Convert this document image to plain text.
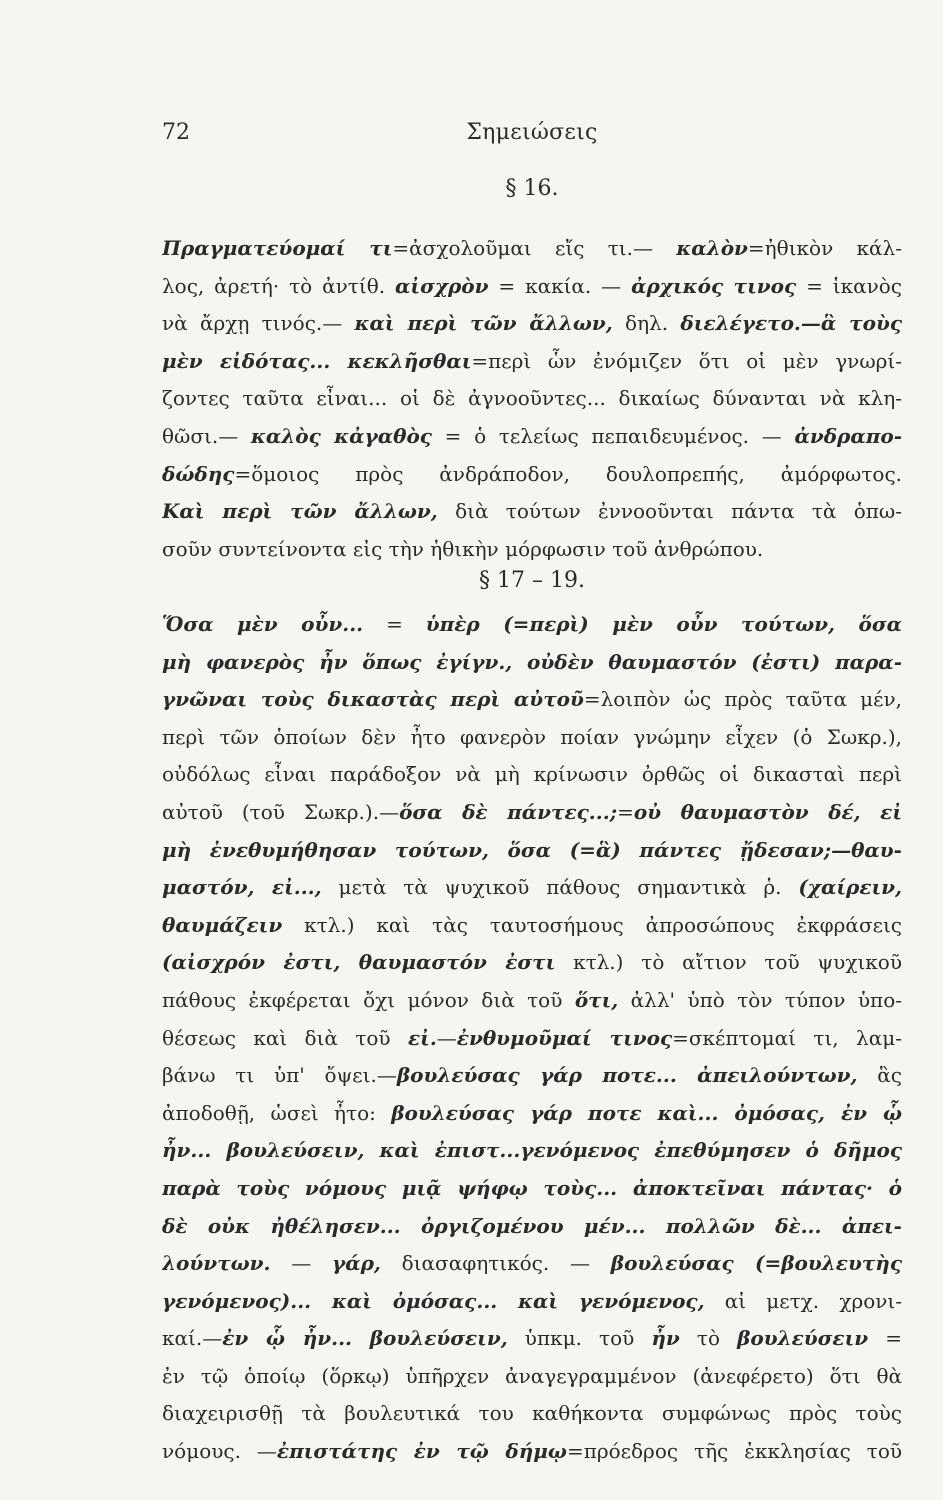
72	Σημειώσεις
§ 16.
Πραγματεύομαί τι=ἀσχολοῦμαι εἴς τι.— καλὸν=ἠθικὸν κάλ-
λος, ἀρετή· τὸ ἀντίθ. αἰσχρὸν = κακία. — ἀρχικός τινος = ἱκανὸς
νὰ ἄρχῃ τινός.— καὶ περὶ τῶν ἄλλων, δηλ. διελέγετο.—ἃ τοὺς
μὲν εἰδότας... κεκλῆσθαι=περὶ ὧν ἐνόμιζεν ὅτι οἱ μὲν γνωρί-
ζοντες ταῦτα εἶναι... οἱ δὲ ἀγνοοῦντες... δικαίως δύνανται νὰ κλη-
θῶσι.— καλὸς κἀγαθὸς = ὁ τελείως πεπαιδευμένος. — ἀνδραπο-
δώδης=ὅμοιος πρὸς ἀνδράποδον, δουλοπρεπής, ἀμόρφωτος.
Καὶ περὶ τῶν ἄλλων, διὰ τούτων ἐννοοῦνται πάντα τὰ ὁπω-
σοῦν συντείνοντα εἰς τὴν ἠθικὴν μόρφωσιν τοῦ ἀνθρώπου.
§ 17 – 19.
Ὅσα μὲν οὖν... = ὑπὲρ (=περὶ) μὲν οὖν τούτων, ὅσα
μὴ φανερὸς ἦν ὅπως ἐγίγν., οὐδὲν θαυμαστόν (ἐστι) παρα-
γνῶναι τοὺς δικαστὰς περὶ αὐτοῦ=λοιπὸν ὡς πρὸς ταῦτα μέν,
περὶ τῶν ὁποίων δὲν ἦτο φανερὸν ποίαν γνώμην εἶχεν (ὁ Σωκρ.),
οὐδόλως εἶναι παράδοξον νὰ μὴ κρίνωσιν ὀρθῶς οἱ δικασταὶ περὶ
αὐτοῦ (τοῦ Σωκρ.).—ὅσα δὲ πάντες...;=οὐ θαυμαστὸν δέ, εἰ
μὴ ἐνεθυμήθησαν τούτων, ὅσα (=ἃ) πάντες ᾔδεσαν;—θαυ-
μαστόν, εἰ..., μετὰ τὰ ψυχικοῦ πάθους σημαντικὰ ῥ. (χαίρειν,
θαυμάζειν κτλ.) καὶ τὰς ταυτοσήμους ἀπροσώπους ἐκφράσεις
(αἰσχρόν ἐστι, θαυμαστόν ἐστι κτλ.) τὸ αἴτιον τοῦ ψυχικοῦ
πάθους ἐκφέρεται ὄχι μόνον διὰ τοῦ ὅτι, ἀλλ' ὑπὸ τὸν τύπον ὑπο-
θέσεως καὶ διὰ τοῦ εἰ.—ἐνθυμοῦμαί τινος=σκέπτομαί τι, λαμ-
βάνω τι ὑπ' ὄψει.—βουλεύσας γάρ ποτε... ἀπειλούντων, ἃς
ἀποδοθῇ, ὡσεὶ ἦτο: βουλεύσας γάρ ποτε καὶ... ὀμόσας, ἐν ᾧ
ἦν... βουλεύσειν, καὶ ἐπιστ...γενόμενος ἐπεθύμησεν ὁ δῆμος
παρὰ τοὺς νόμους μιᾷ ψήφῳ τοὺς... ἀποκτεῖναι πάντας· ὁ
δὲ οὐκ ἠθέλησεν... ὀργιζομένου μέν... πολλῶν δὲ... ἀπει-
λούντων. — γάρ, διασαφητικός. — βουλεύσας (=βουλευτὴς
γενόμενος)... καὶ ὀμόσας... καὶ γενόμενος, αἱ μετχ. χρονι-
καί.—ἐν ᾧ ἦν... βουλεύσειν, ὑπκμ. τοῦ ἦν τὸ βουλεύσειν =
ἐν τῷ ὁποίῳ (ὅρκῳ) ὑπῆρχεν ἀναγεγραμμένον (ἀνεφέρετο) ὅτι θὰ
διαχειρισθῇ τὰ βουλευτικά του καθήκοντα συμφώνως πρὸς τοὺς
νόμους. —ἐπιστάτης ἐν τῷ δήμῳ=πρόεδρος τῆς ἐκκλησίας τοῦ
